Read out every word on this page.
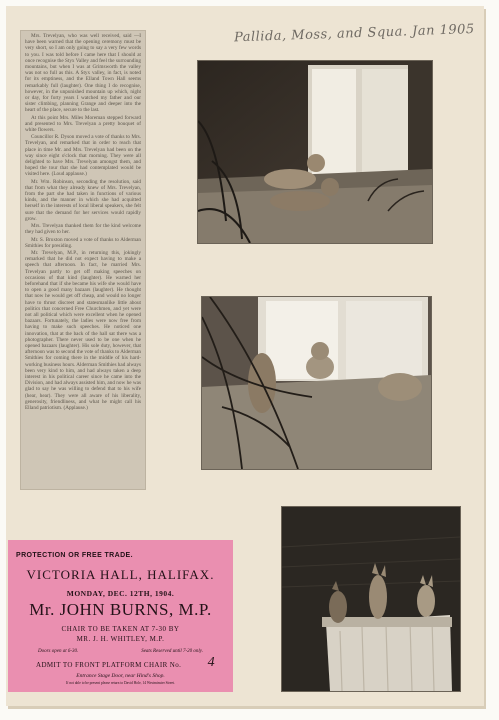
Pallida, Moss, and Squa. Jan 1905

Mrs. Trevelyan, who was well received, said —I have been warned that the opening ceremony must be very short, so I am only going to say a very few words to you. I was told before I came here that I should at once recognise the Styx Valley and feel the surrounding mountains, but when I was at Grimsworth the valley was not so full as this. A Styx valley, in fact, is noted for its emptiness, and the Elland Town Hall seems remarkably full (laughter). One thing I do recognise, however, in the unpunished mountain up which, night or day, for forty years I watched my father and our sister climbing, planning Grange and deeper into the heart of the place, secure to the last.

At this point Mrs. Miles Moreman stepped forward and presented to Mrs. Trevelyan a pretty bouquet of white flowers.

Councillor R. Dyson moved a vote of thanks to Mrs. Trevelyan, and remarked that in order to reach that place in time Mr. and Mrs. Trevelyan had been on the way since eight o'clock that morning. They were all delighted to have Mrs. Trevelyan amongst them, and hoped the tour that she had contemplated would be visited here. (Loud applause.)

Mr. Wm. Robinson, seconding the resolution, said that from what they already knew of Mrs. Trevelyan, from the part she had taken in functions of various kinds, and the manner in which she had acquitted herself in the interests of local liberal speakers, she felt sure that the demand for her services would rapidly grow.

Mrs. Trevelyan thanked them for the kind welcome they had given to her.

Mr. S. Broxton moved a vote of thanks to Alderman Smithies for presiding.

Mr. Trevelyan, M.P., in returning this, jokingly remarked that he did not expect having to make a speech that afternoon. In fact, he married Mrs. Trevelyan partly to get off making speeches on occasions of that kind (laughter). He warned her beforehand that if she became his wife she would have to open a good many bazaars (laughter). He thought that now he would get off cheap, and would no longer have to thrust discreet and statesmanlike little about politics that concerned Free Churchmen, and yet were not all political which were excellent when he opened bazaars. Fortunately, the ladies were now free from having to make such speeches. He noticed one innovation, that at the back of the hall sat there was a photographer. There never used to be one when he opened bazaars (laughter). His sole duty, however, that afternoon was to second the vote of thanks to Alderman Smithies for coming there in the middle of his hard-working business hours. Alderman Smithies had always been very kind to him, and had always taken a deep interest in his political career since he came into the Division, and had always assisted him, and now he was glad to say he was willing to defend that to his wife (hear, hear). They were all aware of his liberality, generosity, friendliness, and what he might call his Elland patriotism. (Applause.)

PROTECTION OR FREE TRADE.
VICTORIA HALL, HALIFAX.
MONDAY, DEC. 12TH, 1904.
Mr. JOHN BURNS, M.P.
CHAIR TO BE TAKEN AT 7-30 BY
MR. J. H. WHITLEY, M.P.
Doors open at 6-30.	Seats Reserved until 7-20 only.
ADMIT TO FRONT PLATFORM CHAIR No. 4
Entrance Stage Door, near Hind's Shop.
If not able to be present please return to David Hole, 14 Westminster Street.
